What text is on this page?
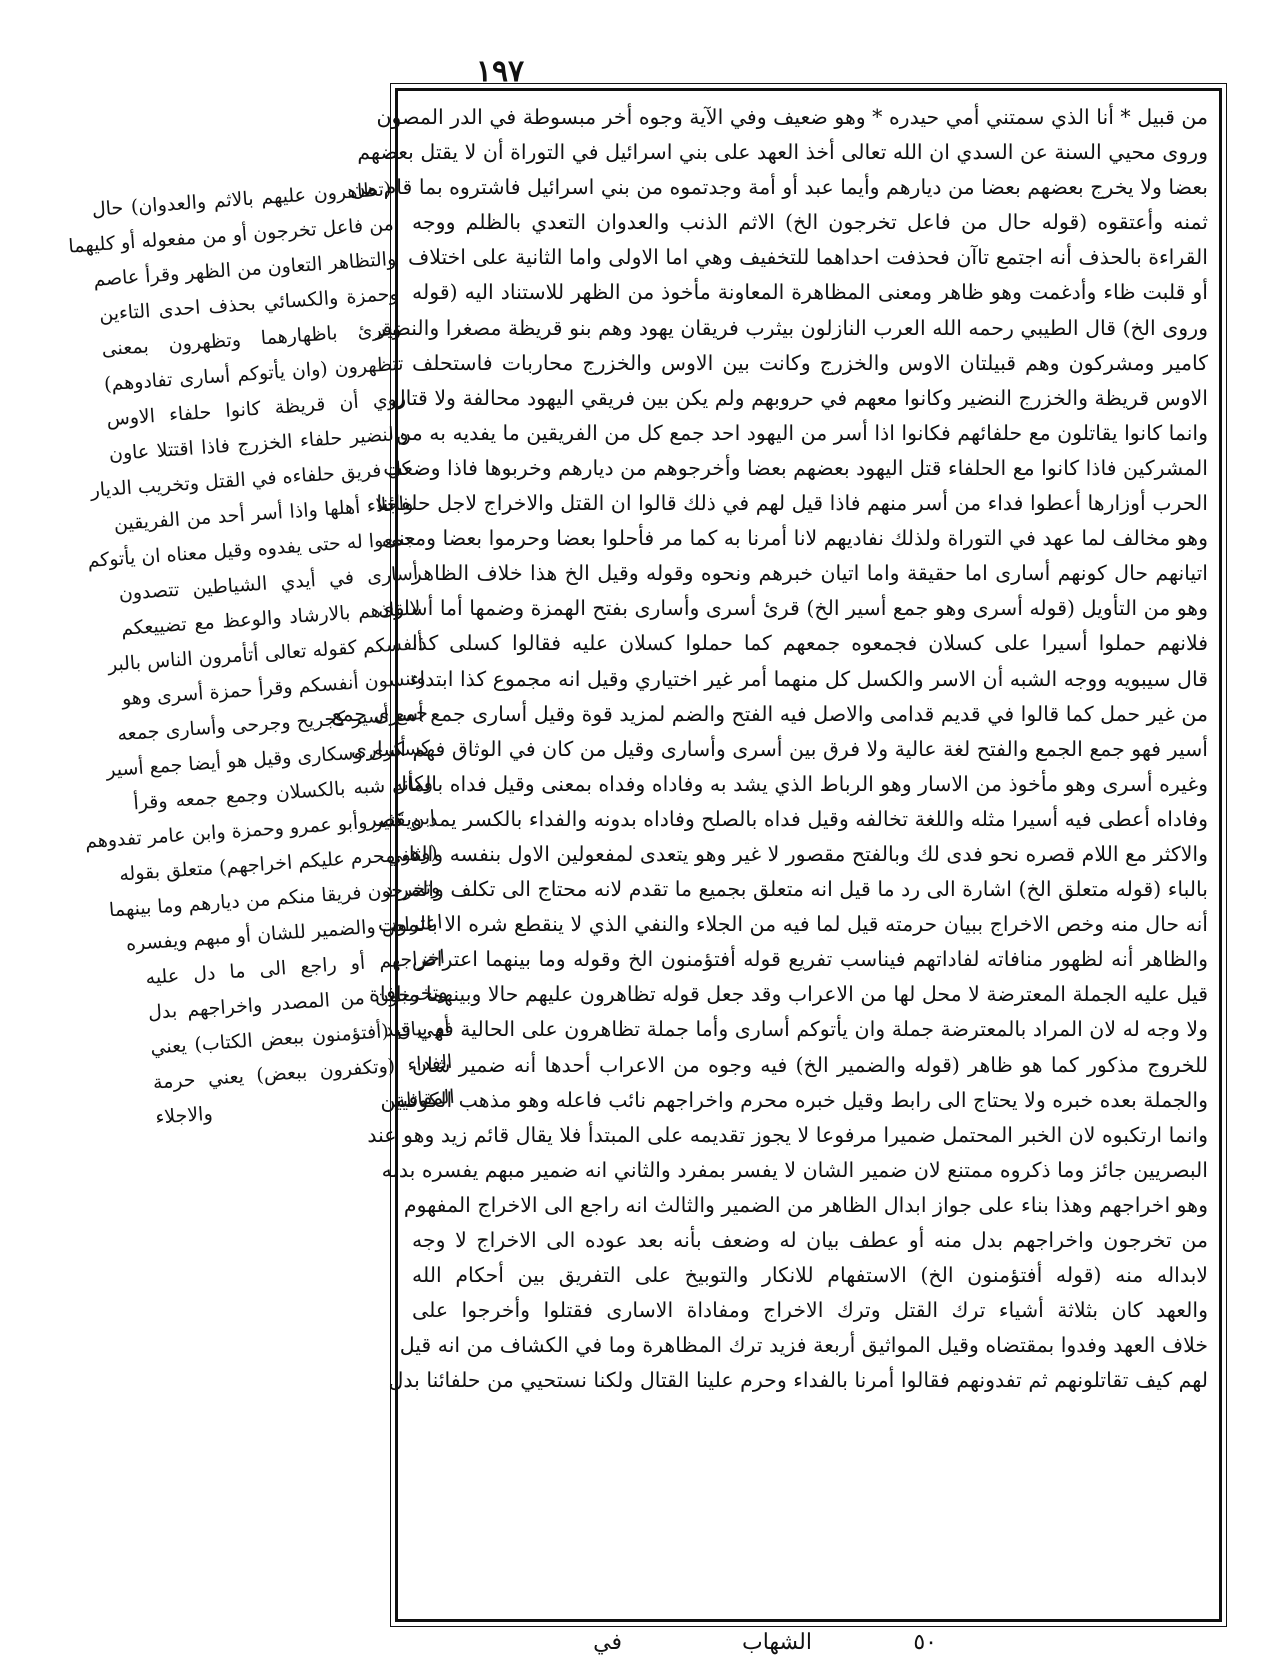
١٩٧
(تظاهرون عليهم بالاثم والعدوان) حال
من فاعل تخرجون أو من مفعوله أو كليهما
والتظاهر التعاون من الظهر وقرأ عاصم
وحمزة والكسائي بحذف احدى التاءين
وقرئ باظهارهما وتظهرون بمعنى
تتظهرون (وان يأتوكم أسارى تفادوهم)
روي أن قريظة كانوا حلفاء الاوس
والنضير حلفاء الخزرج فاذا اقتتلا عاون
كل فريق حلفاءه في القتل وتخريب الديار
واجلاء أهلها واذا أسر أحد من الفريقين
جمعوا له حتى يفدوه وقيل معناه ان يأتوكم
أسارى في أيدي الشياطين تتصدون
لانقاذهم بالارشاد والوعظ مع تضييعكم
أنفسكم كقوله تعالى أتأمرون الناس بالبر
وتنسون أنفسكم وقرأ حمزة أسرى وهو
جمع أسير كجريح وجرحى وأسارى جمعه
كسكرى وسكارى وقيل هو أيضا جمع أسير
وكأنه شبه بالكسلان وجمع جمعه وقرأ
ابن كثير وأبو عمرو وحمزة وابن عامر تفدوهم
(وهو محرم عليكم اخراجهم) متعلق بقوله
وتخرجون فريقا منكم من ديارهم وما بينهما
اعتراض والضمير للشان أو مبهم ويفسره
اخراجهم أو راجع الى ما دل عليه
وتخرجون من المصدر واخراجهم بدل
أو بيان (أفتؤمنون ببعض الكتاب) يعني
الفداء (وتكفرون ببعض) يعني حرمة
المقاتلة والاجلاء
من قبيل * أنا الذي سمتني أمي حيدره * وهو ضعيف وفي الآية وجوه أخر مبسوطة في الدر المصون
وروى محيي السنة عن السدي ان الله تعالى أخذ العهد على بني اسرائيل في التوراة أن لا يقتل بعضهم
بعضا ولا يخرج بعضهم بعضا من ديارهم وأيما عبد أو أمة وجدتموه من بني اسرائيل فاشتروه بما قام من
ثمنه وأعتقوه (قوله حال من فاعل تخرجون الخ) الاثم الذنب والعدوان التعدي بالظلم ووجه
القراءة بالحذف أنه اجتمع تاآن فحذفت احداهما للتخفيف وهي اما الاولى واما الثانية على اختلاف
أو قلبت ظاء وأدغمت وهو ظاهر ومعنى المظاهرة المعاونة مأخوذ من الظهر للاستناد اليه (قوله
وروى الخ) قال الطيبي رحمه الله العرب النازلون بيثرب فريقان يهود وهم بنو قريظة مصغرا والنضير
كامير ومشركون وهم قبيلتان الاوس والخزرج وكانت بين الاوس والخزرج محاربات فاستحلف
الاوس قريظة والخزرج النضير وكانوا معهم في حروبهم ولم يكن بين فريقي اليهود محالفة ولا قتال
وانما كانوا يقاتلون مع حلفائهم فكانوا اذا أسر من اليهود احد جمع كل من الفريقين ما يفديه به من
المشركين فاذا كانوا مع الحلفاء قتل اليهود بعضهم بعضا وأخرجوهم من ديارهم وخربوها فاذا وضعت
الحرب أوزارها أعطوا فداء من أسر منهم فاذا قيل لهم في ذلك قالوا ان القتل والاخراج لاجل حلفائنا
وهو مخالف لما عهد في التوراة ولذلك نفاديهم لانا أمرنا به كما مر فأحلوا بعضا وحرموا بعضا ومعنى
اتيانهم حال كونهم أسارى اما حقيقة واما اتيان خبرهم ونحوه وقوله وقيل الخ هذا خلاف الظاهر
وهو من التأويل (قوله أسرى وهو جمع أسير الخ) قرئ أسرى وأسارى بفتح الهمزة وضمها أما أسارى
فلانهم حملوا أسيرا على كسلان فجمعوه جمعهم كما حملوا كسلان عليه فقالوا كسلى كذا
قال سيبويه ووجه الشبه أن الاسر والكسل كل منهما أمر غير اختياري وقيل انه مجموع كذا ابتداء
من غير حمل كما قالوا في قديم قدامى والاصل فيه الفتح والضم لمزيد قوة وقيل أسارى جمع أسرى جمع
أسير فهو جمع الجمع والفتح لغة عالية ولا فرق بين أسرى وأسارى وقيل من كان في الوثاق فهم أسارى
وغيره أسرى وهو مأخوذ من الاسار وهو الرباط الذي يشد به وفاداه وفداه بمعنى وقيل فداه بالمال
وفاداه أعطى فيه أسيرا مثله واللغة تخالفه وقيل فداه بالصلح وفاداه بدونه والفداء بالكسر يمد ويقصر
والاكثر مع اللام قصره نحو فدى لك وبالفتح مقصور لا غير وهو يتعدى لمفعولين الاول بنفسه والثاني
بالباء (قوله متعلق الخ) اشارة الى رد ما قيل انه متعلق بجميع ما تقدم لانه محتاج الى تكلف والمراد
أنه حال منه وخص الاخراج ببيان حرمته قيل لما فيه من الجلاء والنفي الذي لا ينقطع شره الا بالموت
والظاهر أنه لظهور منافاته لفاداتهم فيناسب تفريع قوله أفتؤمنون الخ وقوله وما بينهما اعتراض
قيل عليه الجملة المعترضة لا محل لها من الاعراب وقد جعل قوله تظاهرون عليهم حالا وبينهما منافاة
ولا وجه له لان المراد بالمعترضة جملة وان يأتوكم أسارى وأما جملة تظاهرون على الحالية فهي قيد
للخروج مذكور كما هو ظاهر (قوله والضمير الخ) فيه وجوه من الاعراب أحدها أنه ضمير شان
والجملة بعده خبره ولا يحتاج الى رابط وقيل خبره محرم واخراجهم نائب فاعله وهو مذهب الكوفيين
وانما ارتكبوه لان الخبر المحتمل ضميرا مرفوعا لا يجوز تقديمه على المبتدأ فلا يقال قائم زيد وهو عند
البصريين جائز وما ذكروه ممتنع لان ضمير الشان لا يفسر بمفرد والثاني انه ضمير مبهم يفسره بدله
وهو اخراجهم وهذا بناء على جواز ابدال الظاهر من الضمير والثالث انه راجع الى الاخراج المفهوم
من تخرجون واخراجهم بدل منه أو عطف بيان له وضعف بأنه بعد عوده الى الاخراج لا وجه
لابداله منه (قوله أفتؤمنون الخ) الاستفهام للانكار والتوبيخ على التفريق بين أحكام الله
والعهد كان بثلاثة أشياء ترك القتل وترك الاخراج ومفاداة الاسارى فقتلوا وأخرجوا على
خلاف العهد وفدوا بمقتضاه وقيل المواثيق أربعة فزيد ترك المظاهرة وما في الكشاف من انه قيل
لهم كيف تقاتلونهم ثم تفدونهم فقالوا أمرنا بالفداء وحرم علينا القتال ولكنا نستحيي من حلفائنا بدل
٥٠
الشهاب
في
